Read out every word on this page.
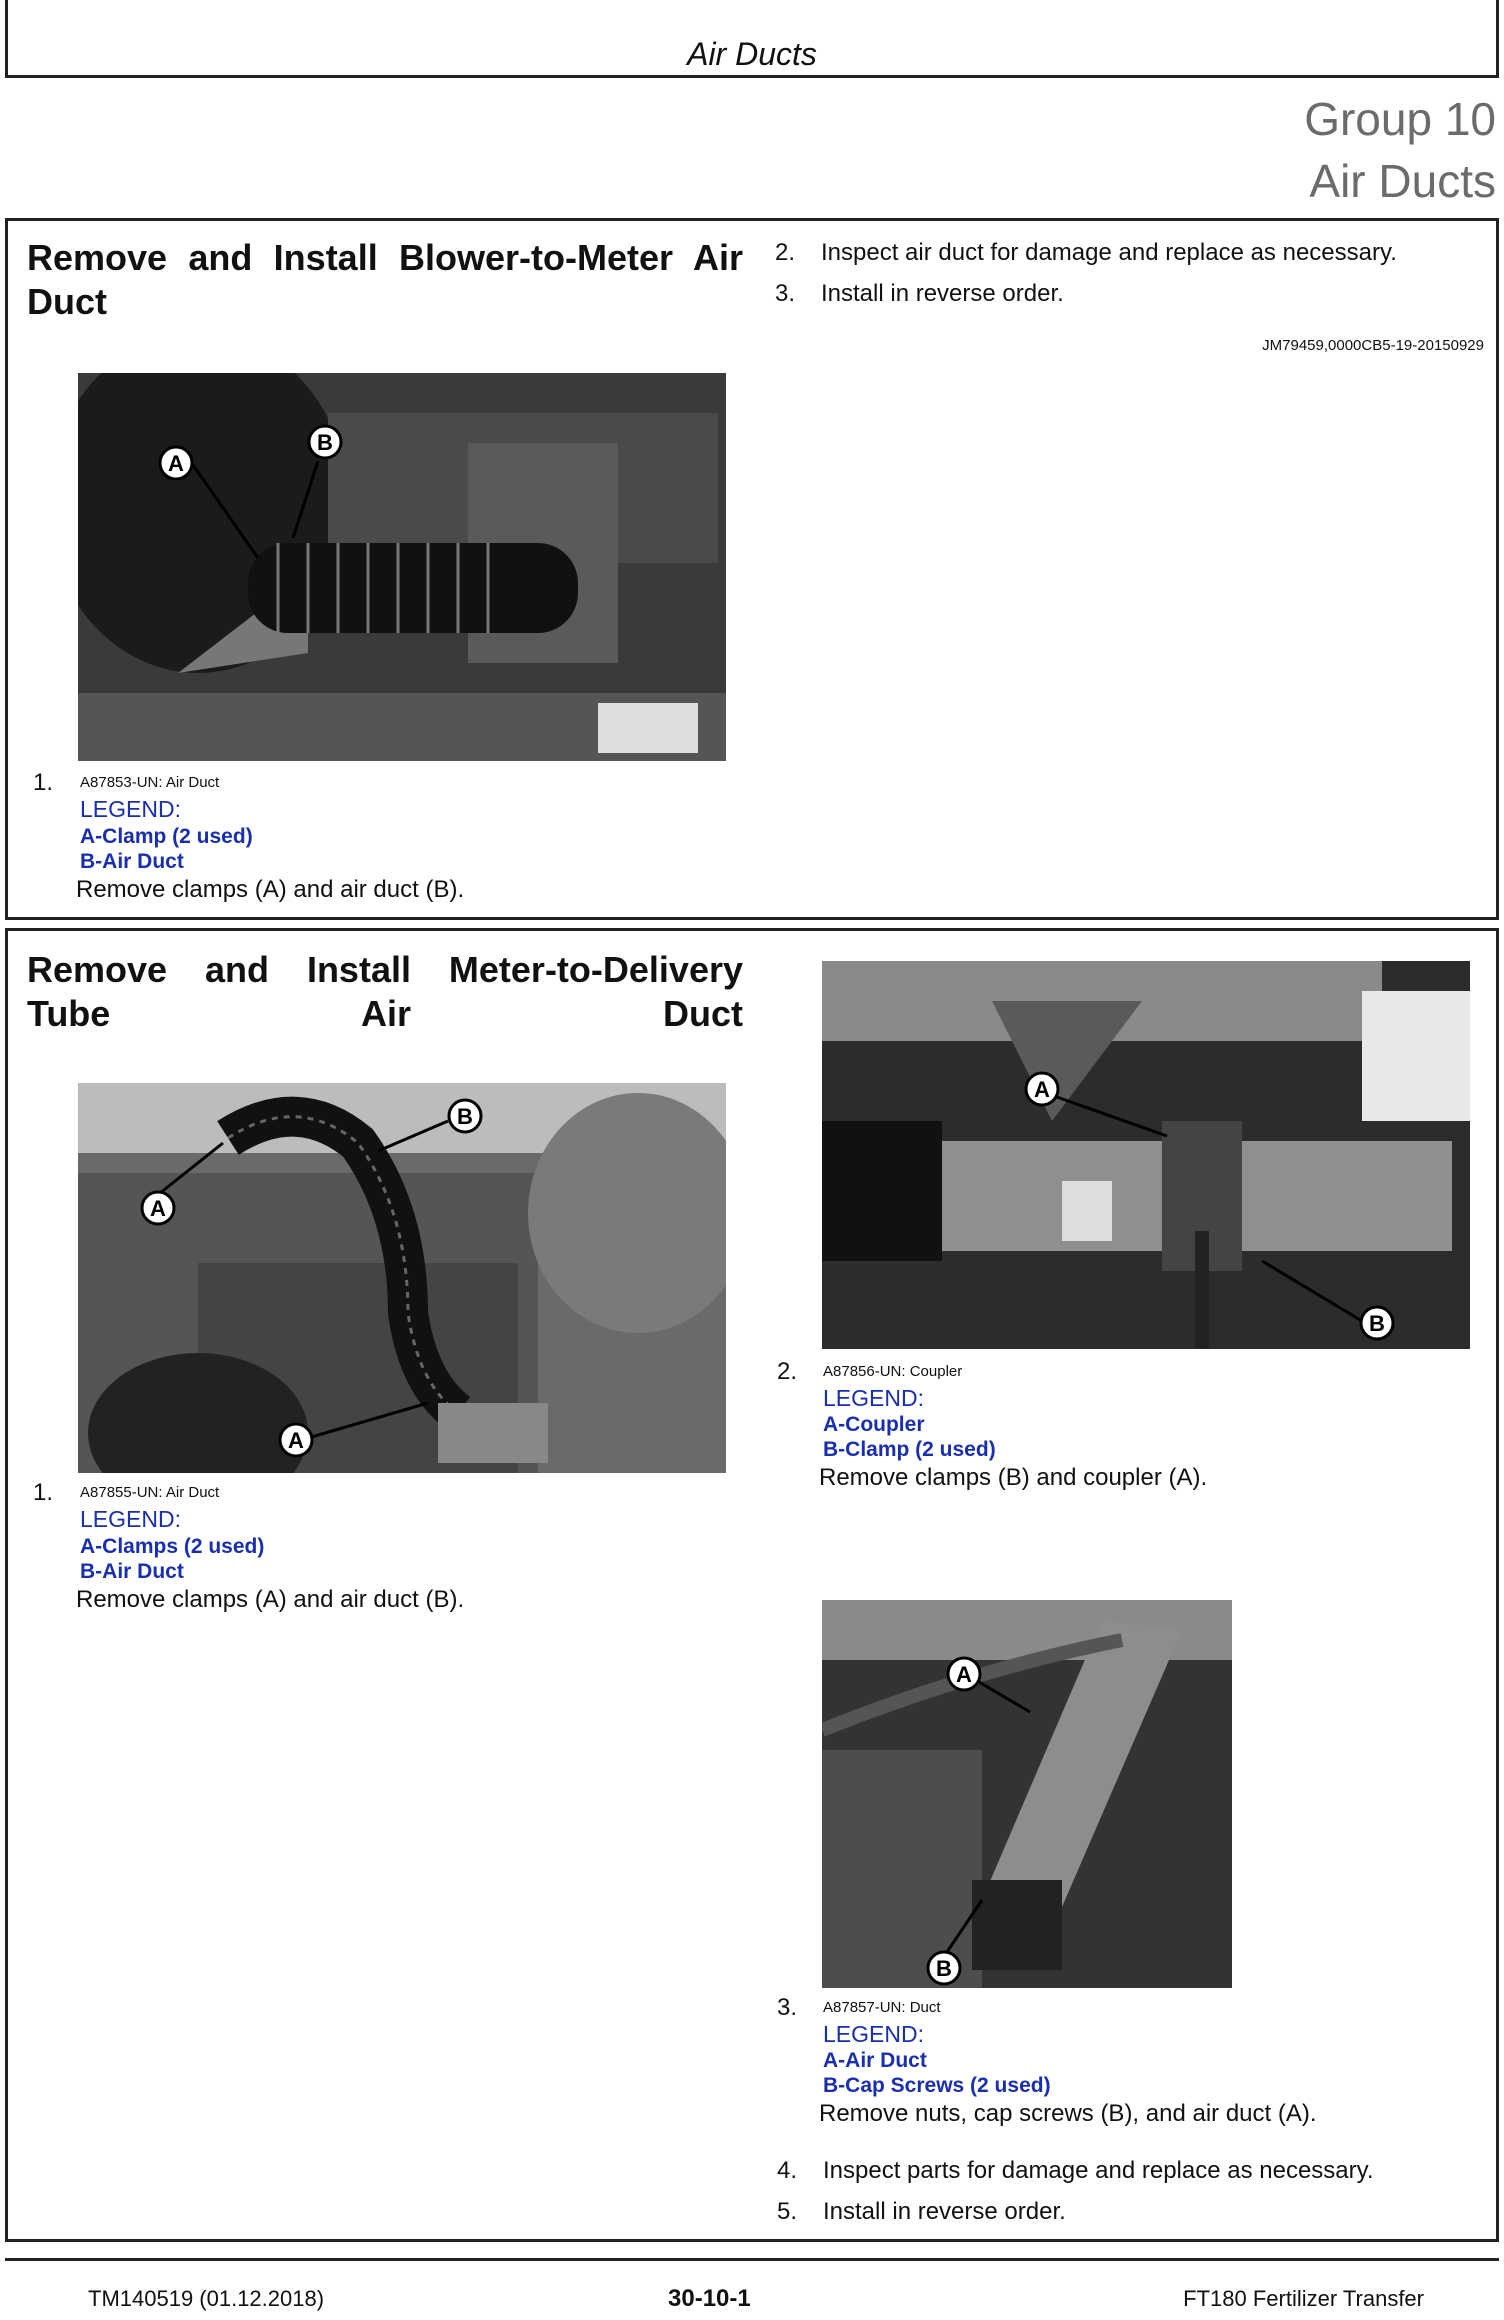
Air Ducts
Group 10
Air Ducts
Remove and Install Blower-to-Meter Air Duct
A
B
1. A87853-UN: Air Duct
LEGEND:
A-Clamp (2 used)
B-Air Duct
Remove clamps (A) and air duct (B).
2. Inspect air duct for damage and replace as necessary.
3. Install in reverse order.
JM79459,0000CB5-19-20150929
Remove and Install Meter-to-Delivery Tube Air Duct
A
A
B
1. A87855-UN: Air Duct
LEGEND:
A-Clamps (2 used)
B-Air Duct
Remove clamps (A) and air duct (B).
A
B
2. A87856-UN: Coupler
LEGEND:
A-Coupler
B-Clamp (2 used)
Remove clamps (B) and coupler (A).
A
B
3. A87857-UN: Duct
LEGEND:
A-Air Duct
B-Cap Screws (2 used)
Remove nuts, cap screws (B), and air duct (A).
4. Inspect parts for damage and replace as necessary.
5. Install in reverse order.
TM140519 (01.12.2018)	30-10-1	FT180 Fertilizer Transfer
